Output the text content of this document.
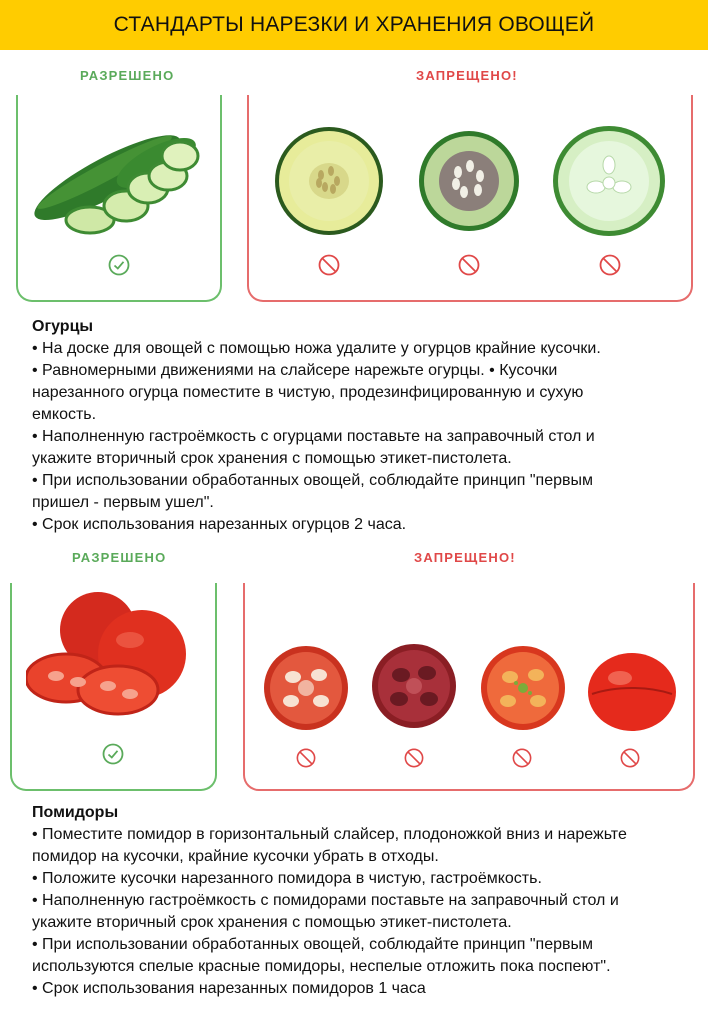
СТАНДАРТЫ НАРЕЗКИ И ХРАНЕНИЯ ОВОЩЕЙ
РАЗРЕШЕНО	ЗАПРЕЩЕНО!

Огурцы

• На доске для овощей с помощью ножа удалите у огурцов крайние кусочки.

• Равномерными движениями на слайсере нарежьте огурцы. • Кусочки

нарезанного огурца поместите в чистую, продезинфицированную и сухую

емкость.

• Наполненную гастроёмкость с огурцами поставьте на заправочный стол и

укажите вторичный срок хранения с помощью этикет-пистолета.

• При использовании обработанных овощей, соблюдайте принцип "первым

пришел - первым ушел".

• Срок использования нарезанных огурцов 2 часа.

РАЗРЕШЕНО	ЗАПРЕЩЕНО!

Помидоры

• Поместите помидор в горизонтальный слайсер, плодоножкой вниз и нарежьте

помидор на кусочки, крайние кусочки убрать в отходы.

• Положите кусочки нарезанного помидора в чистую, гастроёмкость.

• Наполненную гастроёмкость с помидорами поставьте на заправочный стол и

укажите вторичный срок хранения с помощью этикет-пистолета.

• При использовании обработанных овощей, соблюдайте принцип "первым

используются спелые красные помидоры, неспелые отложить пока поспеют".

• Срок использования нарезанных помидоров 1 часа
